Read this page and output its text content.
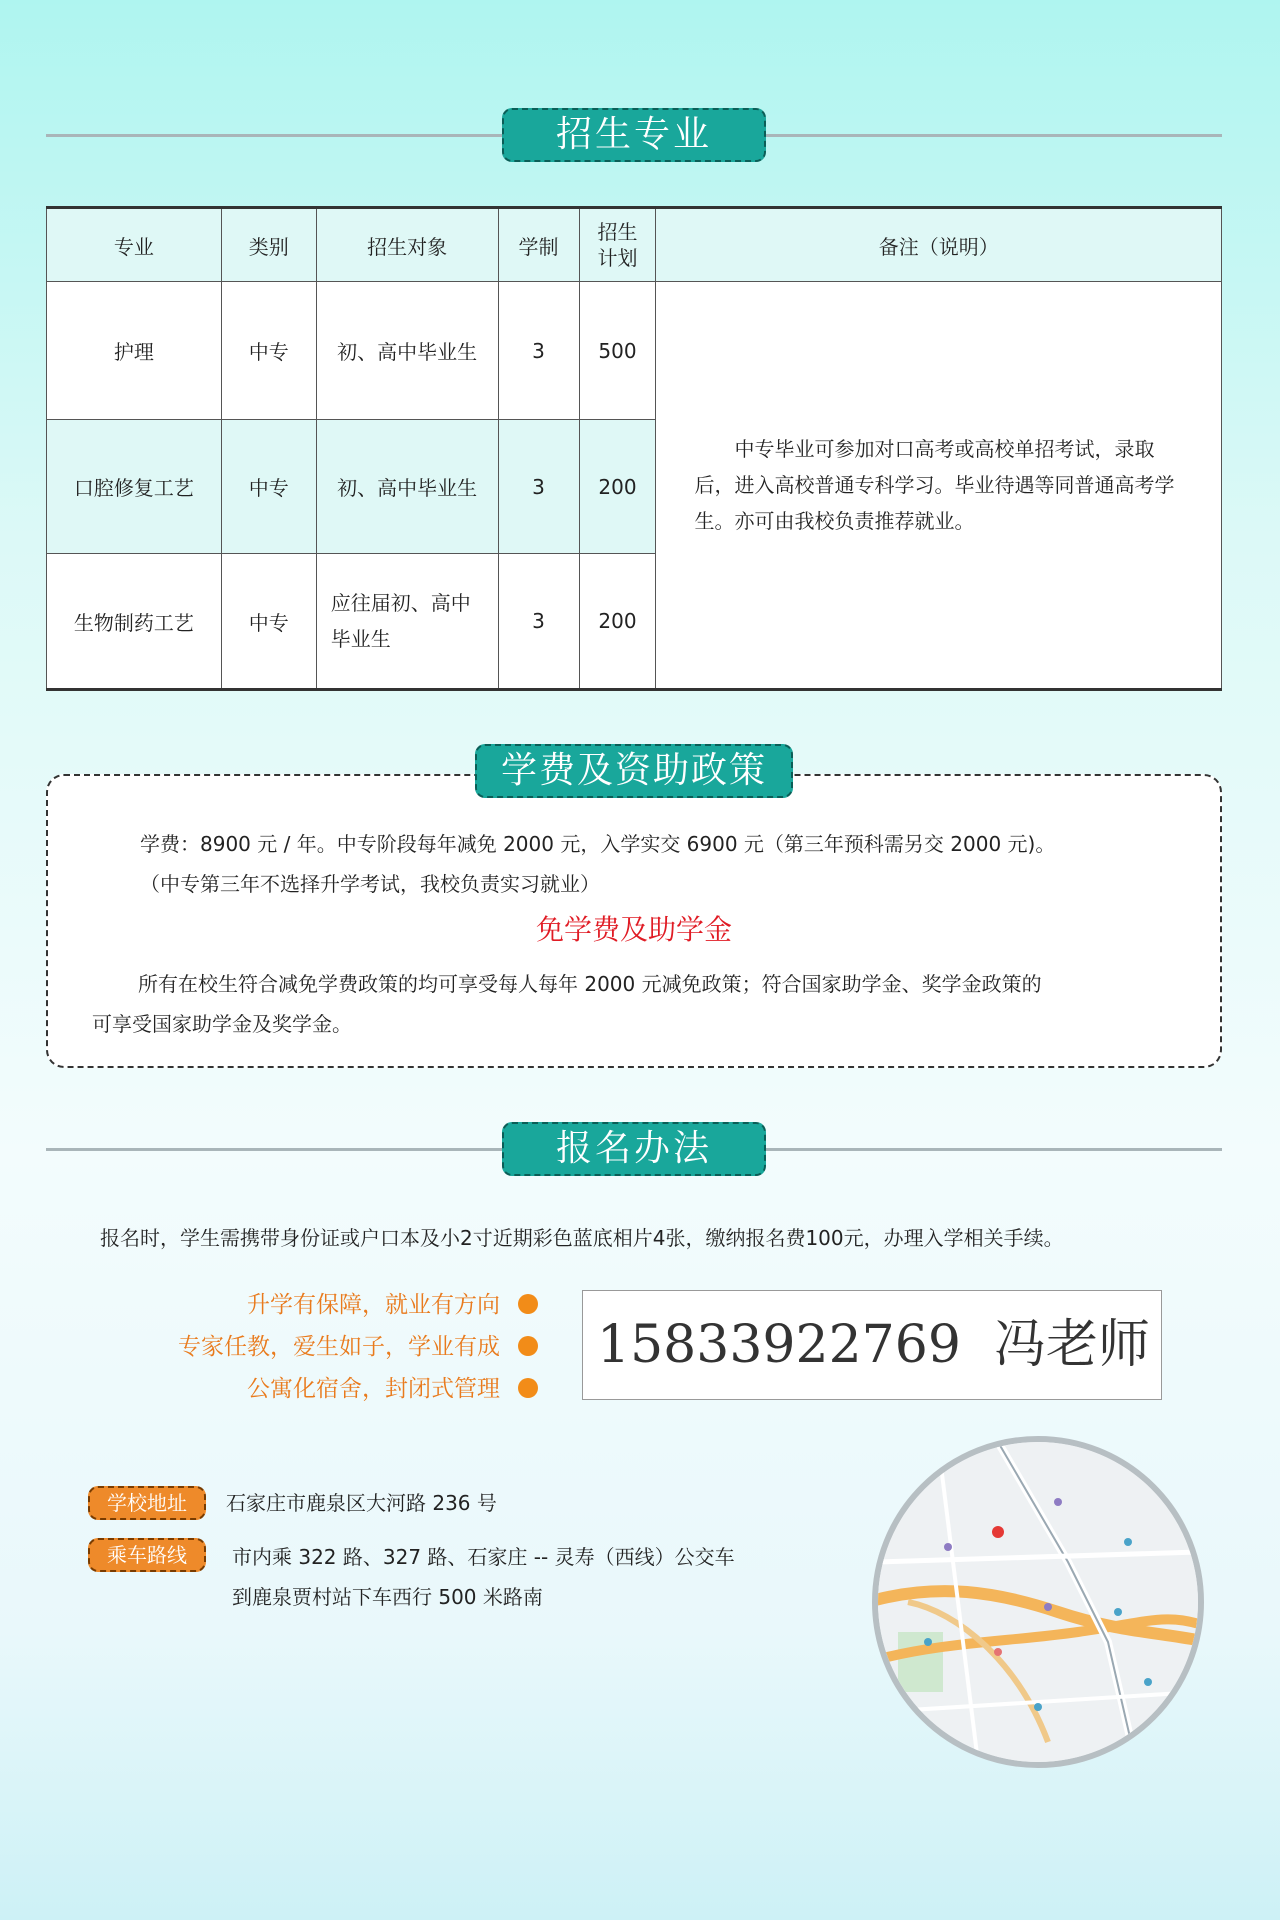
招生专业
专业	类别	招生对象	学制	招生计划	备注（说明）
护理	中专	初、高中毕业生	3	500	中专毕业可参加对口高考或高校单招考试，录取后，进入高校普通专科学习。毕业待遇等同普通高考学生。亦可由我校负责推荐就业。
口腔修复工艺	中专	初、高中毕业生	3	200	
生物制药工艺	中专	应往届初、高中毕业生	3	200	
学费及资助政策

学费：8900 元 / 年。中专阶段每年减免 2000 元，入学实交 6900 元（第三年预科需另交 2000 元)。

（中专第三年不选择升学考试，我校负责实习就业）

免学费及助学金

所有在校生符合减免学费政策的均可享受每人每年 2000 元减免政策；符合国家助学金、奖学金政策的

可享受国家助学金及奖学金。

报名办法
报名时，学生需携带身份证或户口本及小2寸近期彩色蓝底相片4张，缴纳报名费100元，办理入学相关手续。
升学有保障，就业有方向
专家任教，爱生如子，学业有成
公寓化宿舍，封闭式管理
15833922769 冯老师
学校地址	石家庄市鹿泉区大河路 236 号
乘车路线	市内乘 322 路、327 路、石家庄 -- 灵寿（西线）公交车
到鹿泉贾村站下车西行 500 米路南
